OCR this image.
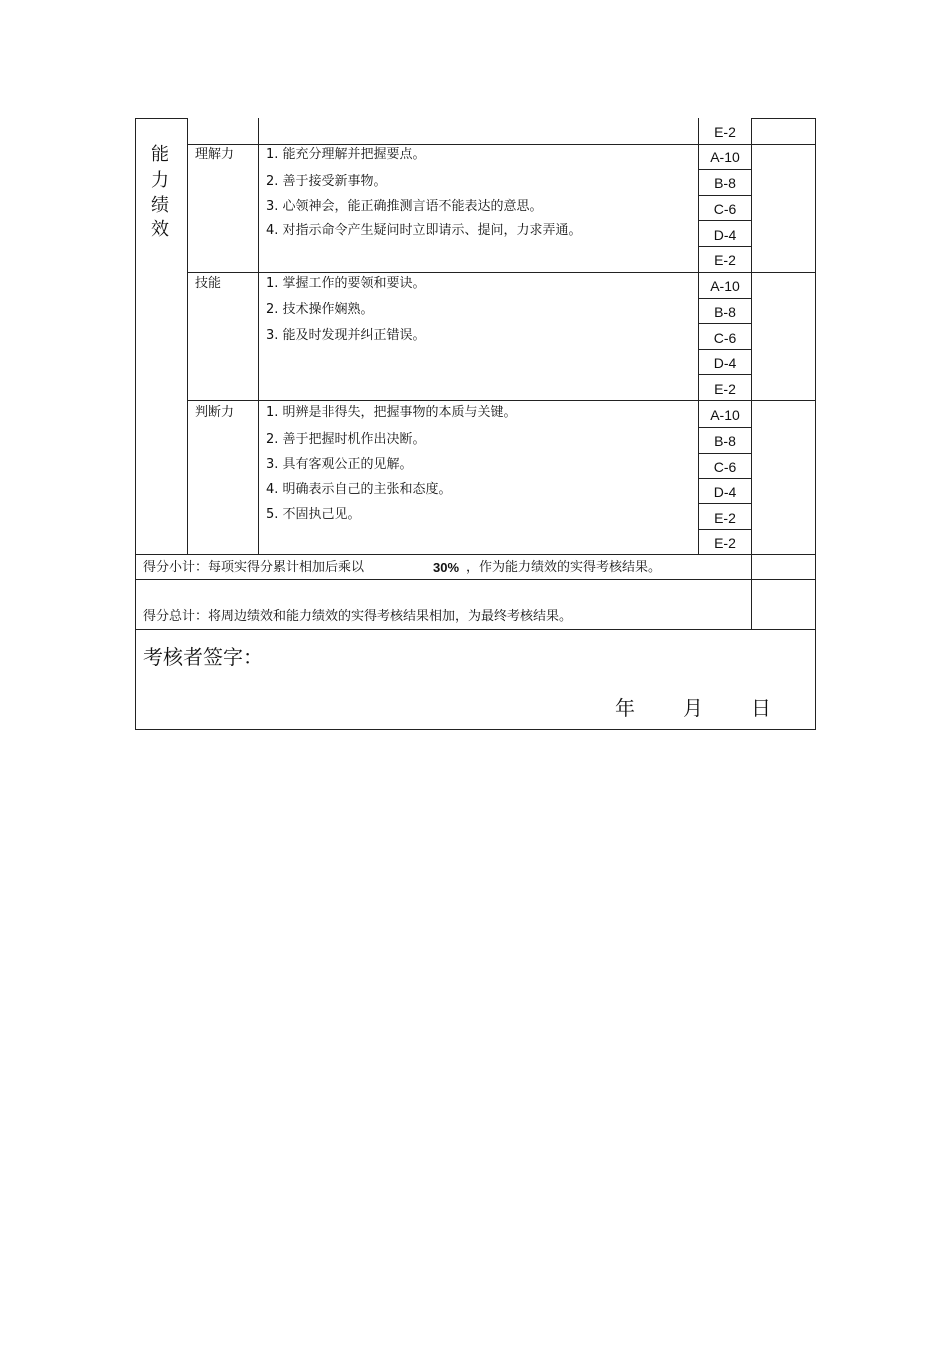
能
力
绩
效
E-2
理解力 1. 能充分理解并把握要点。
2. 善于接受新事物。
3. 心领神会，能正确推测言语不能表达的意思。
4. 对指示命令产生疑问时立即请示、提问，力求弄通。
A-10
B-8
C-6
D-4
E-2
技能	1. 掌握工作的要领和要诀。
2. 技术操作娴熟。
3. 能及时发现并纠正错误。
A-10
B-8
C-6
D-4
E-2
判断力 1. 明辨是非得失，把握事物的本质与关键。
2. 善于把握时机作出决断。
3. 具有客观公正的见解。
4. 明确表示自己的主张和态度。
5. 不固执己见。
A-10
B-8
C-6
D-4
E-2
E-2
得分小计：每项实得分累计相加后乘以	30% ，作为能力绩效的实得考核结果。
得分总计：将周边绩效和能力绩效的实得考核结果相加，为最终考核结果。
考核者签字：
年 月 日
